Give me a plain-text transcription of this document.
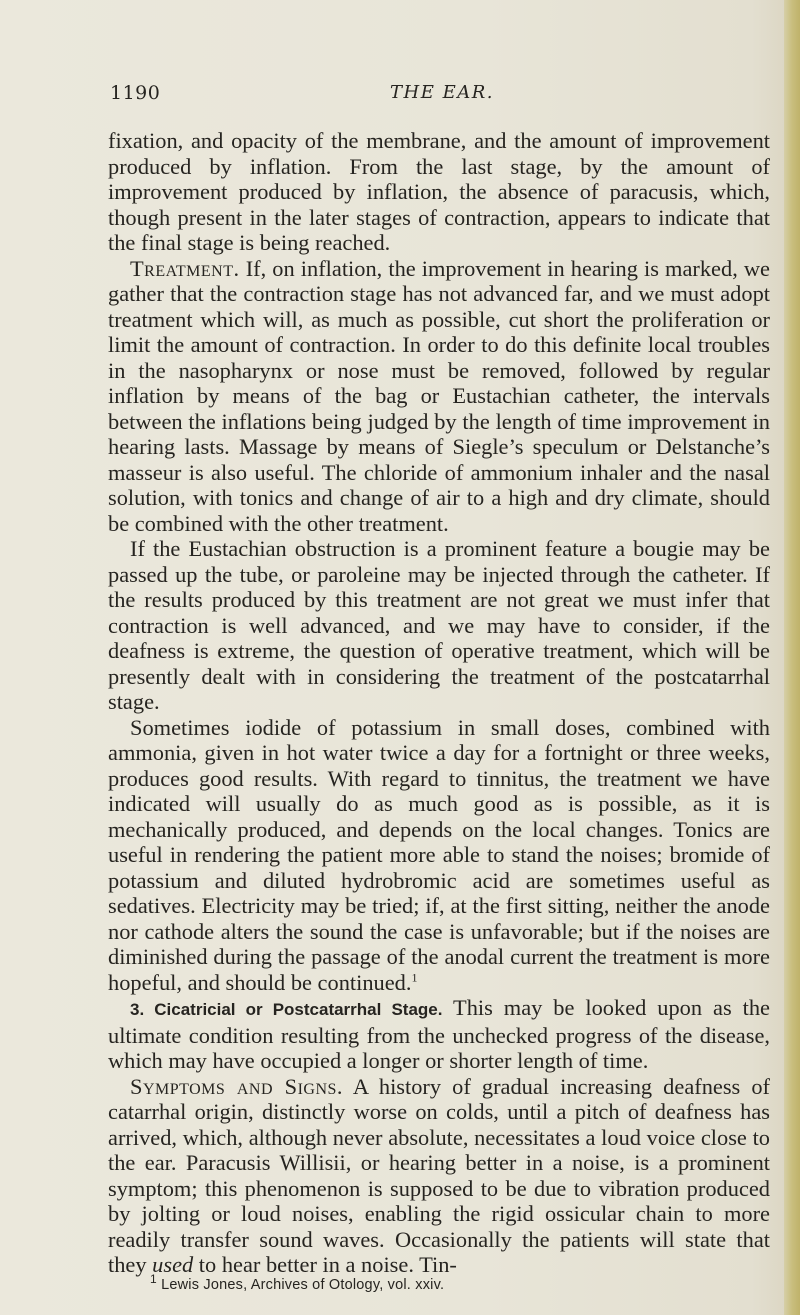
1190	THE EAR.

fixation, and opacity of the membrane, and the amount of improvement produced by inflation. From the last stage, by the amount of improvement produced by inflation, the absence of paracusis, which, though present in the later stages of contraction, appears to indicate that the final stage is being reached.

Treatment. If, on inflation, the improvement in hearing is marked, we gather that the contraction stage has not advanced far, and we must adopt treatment which will, as much as possible, cut short the proliferation or limit the amount of contraction. In order to do this definite local troubles in the nasopharynx or nose must be removed, followed by regular inflation by means of the bag or Eustachian catheter, the intervals between the inflations being judged by the length of time improvement in hearing lasts. Massage by means of Siegle’s speculum or Delstanche’s masseur is also useful. The chloride of ammonium inhaler and the nasal solution, with tonics and change of air to a high and dry climate, should be combined with the other treatment.

If the Eustachian obstruction is a prominent feature a bougie may be passed up the tube, or paroleine may be injected through the catheter. If the results produced by this treatment are not great we must infer that contraction is well advanced, and we may have to consider, if the deafness is extreme, the question of operative treatment, which will be presently dealt with in considering the treatment of the postcatarrhal stage.

Sometimes iodide of potassium in small doses, combined with ammonia, given in hot water twice a day for a fortnight or three weeks, produces good results. With regard to tinnitus, the treatment we have indicated will usually do as much good as is possible, as it is mechanically produced, and depends on the local changes. Tonics are useful in rendering the patient more able to stand the noises; bromide of potassium and diluted hydrobromic acid are sometimes useful as sedatives. Electricity may be tried; if, at the first sitting, neither the anode nor cathode alters the sound the case is unfavorable; but if the noises are diminished during the passage of the anodal current the treatment is more hopeful, and should be continued.$^1$

3. Cicatricial or Postcatarrhal Stage. This may be looked upon as the ultimate condition resulting from the unchecked progress of the disease, which may have occupied a longer or shorter length of time.

Symptoms and Signs. A history of gradual increasing deafness of catarrhal origin, distinctly worse on colds, until a pitch of deafness has arrived, which, although never absolute, necessitates a loud voice close to the ear. Paracusis Willisii, or hearing better in a noise, is a prominent symptom; this phenomenon is supposed to be due to vibration produced by jolting or loud noises, enabling the rigid ossicular chain to more readily transfer sound waves. Occasionally the patients will state that they used to hear better in a noise. Tin-

$^1$ Lewis Jones, Archives of Otology, vol. xxiv.
